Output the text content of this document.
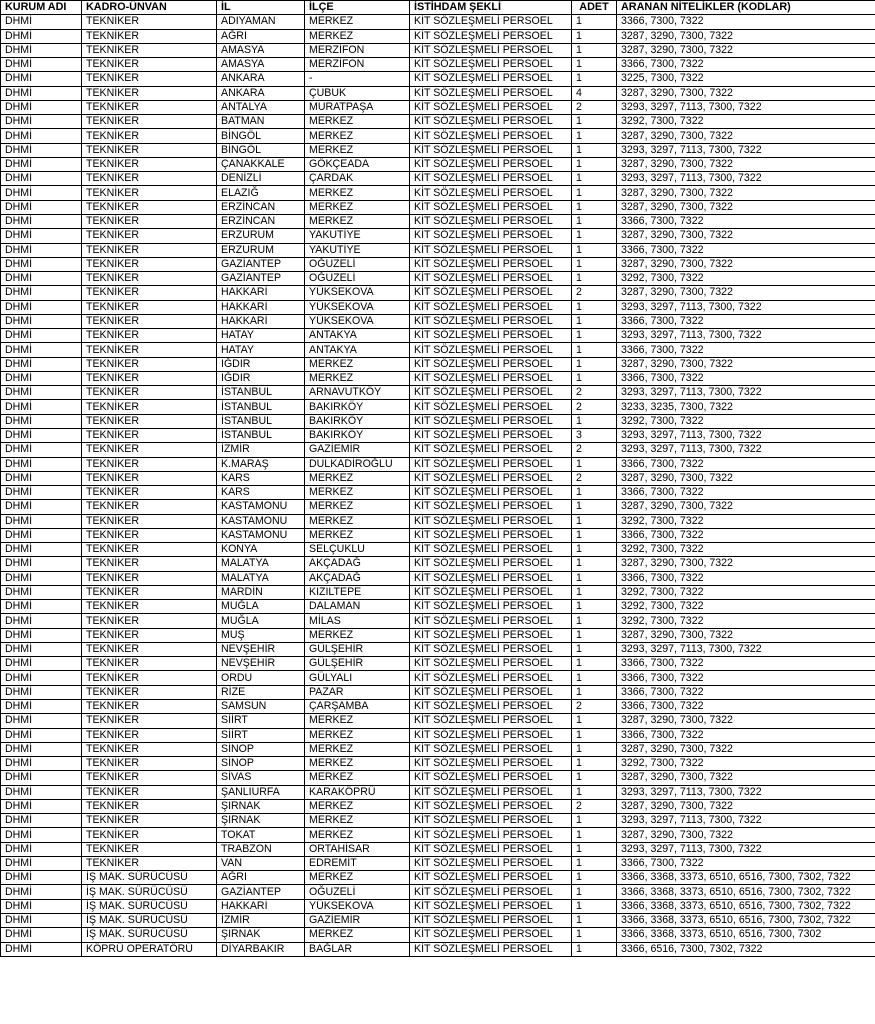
KURUM ADI	KADRO-ÜNVAN	İL	İLÇE	İSTİHDAM ŞEKLİ	ADET	ARANAN NİTELİKLER (KODLAR)
DHMİ	TEKNİKER	ADIYAMAN	MERKEZ	KİT SÖZLEŞMELİ PERSOEL	1	3366, 7300, 7322
DHMİ	TEKNİKER	AĞRI	MERKEZ	KİT SÖZLEŞMELİ PERSOEL	1	3287, 3290, 7300, 7322
DHMİ	TEKNİKER	AMASYA	MERZİFON	KİT SÖZLEŞMELİ PERSOEL	1	3287, 3290, 7300, 7322
DHMİ	TEKNİKER	AMASYA	MERZİFON	KİT SÖZLEŞMELİ PERSOEL	1	3366, 7300, 7322
DHMİ	TEKNİKER	ANKARA	-	KİT SÖZLEŞMELİ PERSOEL	1	3225, 7300, 7322
DHMİ	TEKNİKER	ANKARA	ÇUBUK	KİT SÖZLEŞMELİ PERSOEL	4	3287, 3290, 7300, 7322
DHMİ	TEKNİKER	ANTALYA	MURATPAŞA	KİT SÖZLEŞMELİ PERSOEL	2	3293, 3297, 7113, 7300, 7322
DHMİ	TEKNİKER	BATMAN	MERKEZ	KİT SÖZLEŞMELİ PERSOEL	1	3292, 7300, 7322
DHMİ	TEKNİKER	BİNGÖL	MERKEZ	KİT SÖZLEŞMELİ PERSOEL	1	3287, 3290, 7300, 7322
DHMİ	TEKNİKER	BİNGÖL	MERKEZ	KİT SÖZLEŞMELİ PERSOEL	1	3293, 3297, 7113, 7300, 7322
DHMİ	TEKNİKER	ÇANAKKALE	GÖKÇEADA	KİT SÖZLEŞMELİ PERSOEL	1	3287, 3290, 7300, 7322
DHMİ	TEKNİKER	DENİZLİ	ÇARDAK	KİT SÖZLEŞMELİ PERSOEL	1	3293, 3297, 7113, 7300, 7322
DHMİ	TEKNİKER	ELAZIĞ	MERKEZ	KİT SÖZLEŞMELİ PERSOEL	1	3287, 3290, 7300, 7322
DHMİ	TEKNİKER	ERZİNCAN	MERKEZ	KİT SÖZLEŞMELİ PERSOEL	1	3287, 3290, 7300, 7322
DHMİ	TEKNİKER	ERZİNCAN	MERKEZ	KİT SÖZLEŞMELİ PERSOEL	1	3366, 7300, 7322
DHMİ	TEKNİKER	ERZURUM	YAKUTİYE	KİT SÖZLEŞMELİ PERSOEL	1	3287, 3290, 7300, 7322
DHMİ	TEKNİKER	ERZURUM	YAKUTİYE	KİT SÖZLEŞMELİ PERSOEL	1	3366, 7300, 7322
DHMİ	TEKNİKER	GAZİANTEP	OĞUZELİ	KİT SÖZLEŞMELİ PERSOEL	1	3287, 3290, 7300, 7322
DHMİ	TEKNİKER	GAZİANTEP	OĞUZELİ	KİT SÖZLEŞMELİ PERSOEL	1	3292, 7300, 7322
DHMİ	TEKNİKER	HAKKARİ	YÜKSEKOVA	KİT SÖZLEŞMELİ PERSOEL	2	3287, 3290, 7300, 7322
DHMİ	TEKNİKER	HAKKARİ	YÜKSEKOVA	KİT SÖZLEŞMELİ PERSOEL	1	3293, 3297, 7113, 7300, 7322
DHMİ	TEKNİKER	HAKKARİ	YÜKSEKOVA	KİT SÖZLEŞMELİ PERSOEL	1	3366, 7300, 7322
DHMİ	TEKNİKER	HATAY	ANTAKYA	KİT SÖZLEŞMELİ PERSOEL	1	3293, 3297, 7113, 7300, 7322
DHMİ	TEKNİKER	HATAY	ANTAKYA	KİT SÖZLEŞMELİ PERSOEL	1	3366, 7300, 7322
DHMİ	TEKNİKER	IĞDIR	MERKEZ	KİT SÖZLEŞMELİ PERSOEL	1	3287, 3290, 7300, 7322
DHMİ	TEKNİKER	IĞDIR	MERKEZ	KİT SÖZLEŞMELİ PERSOEL	1	3366, 7300, 7322
DHMİ	TEKNİKER	İSTANBUL	ARNAVUTKÖY	KİT SÖZLEŞMELİ PERSOEL	2	3293, 3297, 7113, 7300, 7322
DHMİ	TEKNİKER	İSTANBUL	BAKIRKÖY	KİT SÖZLEŞMELİ PERSOEL	2	3233, 3235, 7300, 7322
DHMİ	TEKNİKER	İSTANBUL	BAKIRKÖY	KİT SÖZLEŞMELİ PERSOEL	1	3292, 7300, 7322
DHMİ	TEKNİKER	İSTANBUL	BAKIRKÖY	KİT SÖZLEŞMELİ PERSOEL	3	3293, 3297, 7113, 7300, 7322
DHMİ	TEKNİKER	İZMİR	GAZİEMİR	KİT SÖZLEŞMELİ PERSOEL	2	3293, 3297, 7113, 7300, 7322
DHMİ	TEKNİKER	K.MARAŞ	DULKADİROĞLU	KİT SÖZLEŞMELİ PERSOEL	1	3366, 7300, 7322
DHMİ	TEKNİKER	KARS	MERKEZ	KİT SÖZLEŞMELİ PERSOEL	2	3287, 3290, 7300, 7322
DHMİ	TEKNİKER	KARS	MERKEZ	KİT SÖZLEŞMELİ PERSOEL	1	3366, 7300, 7322
DHMİ	TEKNİKER	KASTAMONU	MERKEZ	KİT SÖZLEŞMELİ PERSOEL	1	3287, 3290, 7300, 7322
DHMİ	TEKNİKER	KASTAMONU	MERKEZ	KİT SÖZLEŞMELİ PERSOEL	1	3292, 7300, 7322
DHMİ	TEKNİKER	KASTAMONU	MERKEZ	KİT SÖZLEŞMELİ PERSOEL	1	3366, 7300, 7322
DHMİ	TEKNİKER	KONYA	SELÇUKLU	KİT SÖZLEŞMELİ PERSOEL	1	3292, 7300, 7322
DHMİ	TEKNİKER	MALATYA	AKÇADAĞ	KİT SÖZLEŞMELİ PERSOEL	1	3287, 3290, 7300, 7322
DHMİ	TEKNİKER	MALATYA	AKÇADAĞ	KİT SÖZLEŞMELİ PERSOEL	1	3366, 7300, 7322
DHMİ	TEKNİKER	MARDİN	KIZILTEPE	KİT SÖZLEŞMELİ PERSOEL	1	3292, 7300, 7322
DHMİ	TEKNİKER	MUĞLA	DALAMAN	KİT SÖZLEŞMELİ PERSOEL	1	3292, 7300, 7322
DHMİ	TEKNİKER	MUĞLA	MİLAS	KİT SÖZLEŞMELİ PERSOEL	1	3292, 7300, 7322
DHMİ	TEKNİKER	MUŞ	MERKEZ	KİT SÖZLEŞMELİ PERSOEL	1	3287, 3290, 7300, 7322
DHMİ	TEKNİKER	NEVŞEHİR	GÜLŞEHİR	KİT SÖZLEŞMELİ PERSOEL	1	3293, 3297, 7113, 7300, 7322
DHMİ	TEKNİKER	NEVŞEHİR	GÜLŞEHİR	KİT SÖZLEŞMELİ PERSOEL	1	3366, 7300, 7322
DHMİ	TEKNİKER	ORDU	GÜLYALI	KİT SÖZLEŞMELİ PERSOEL	1	3366, 7300, 7322
DHMİ	TEKNİKER	RİZE	PAZAR	KİT SÖZLEŞMELİ PERSOEL	1	3366, 7300, 7322
DHMİ	TEKNİKER	SAMSUN	ÇARŞAMBA	KİT SÖZLEŞMELİ PERSOEL	2	3366, 7300, 7322
DHMİ	TEKNİKER	SİİRT	MERKEZ	KİT SÖZLEŞMELİ PERSOEL	1	3287, 3290, 7300, 7322
DHMİ	TEKNİKER	SİİRT	MERKEZ	KİT SÖZLEŞMELİ PERSOEL	1	3366, 7300, 7322
DHMİ	TEKNİKER	SİNOP	MERKEZ	KİT SÖZLEŞMELİ PERSOEL	1	3287, 3290, 7300, 7322
DHMİ	TEKNİKER	SİNOP	MERKEZ	KİT SÖZLEŞMELİ PERSOEL	1	3292, 7300, 7322
DHMİ	TEKNİKER	SİVAS	MERKEZ	KİT SÖZLEŞMELİ PERSOEL	1	3287, 3290, 7300, 7322
DHMİ	TEKNİKER	ŞANLIURFA	KARAKÖPRÜ	KİT SÖZLEŞMELİ PERSOEL	1	3293, 3297, 7113, 7300, 7322
DHMİ	TEKNİKER	ŞIRNAK	MERKEZ	KİT SÖZLEŞMELİ PERSOEL	2	3287, 3290, 7300, 7322
DHMİ	TEKNİKER	ŞIRNAK	MERKEZ	KİT SÖZLEŞMELİ PERSOEL	1	3293, 3297, 7113, 7300, 7322
DHMİ	TEKNİKER	TOKAT	MERKEZ	KİT SÖZLEŞMELİ PERSOEL	1	3287, 3290, 7300, 7322
DHMİ	TEKNİKER	TRABZON	ORTAHİSAR	KİT SÖZLEŞMELİ PERSOEL	1	3293, 3297, 7113, 7300, 7322
DHMİ	TEKNİKER	VAN	EDREMİT	KİT SÖZLEŞMELİ PERSOEL	1	3366, 7300, 7322
DHMİ	İŞ MAK. SÜRÜCÜSÜ	AĞRI	MERKEZ	KİT SÖZLEŞMELİ PERSOEL	1	3366, 3368, 3373, 6510, 6516, 7300, 7302, 7322
DHMİ	İŞ MAK. SÜRÜCÜSÜ	GAZİANTEP	OĞUZELİ	KİT SÖZLEŞMELİ PERSOEL	1	3366, 3368, 3373, 6510, 6516, 7300, 7302, 7322
DHMİ	İŞ MAK. SÜRÜCÜSÜ	HAKKARİ	YÜKSEKOVA	KİT SÖZLEŞMELİ PERSOEL	1	3366, 3368, 3373, 6510, 6516, 7300, 7302, 7322
DHMİ	İŞ MAK. SÜRÜCÜSÜ	İZMİR	GAZİEMİR	KİT SÖZLEŞMELİ PERSOEL	1	3366, 3368, 3373, 6510, 6516, 7300, 7302, 7322
DHMİ	İŞ MAK. SÜRÜCÜSÜ	ŞIRNAK	MERKEZ	KİT SÖZLEŞMELİ PERSOEL	1	3366, 3368, 3373, 6510, 6516, 7300, 7302
DHMİ	KÖPRÜ OPERATÖRÜ	DİYARBAKIR	BAĞLAR	KİT SÖZLEŞMELİ PERSOEL	1	3366, 6516, 7300, 7302, 7322
